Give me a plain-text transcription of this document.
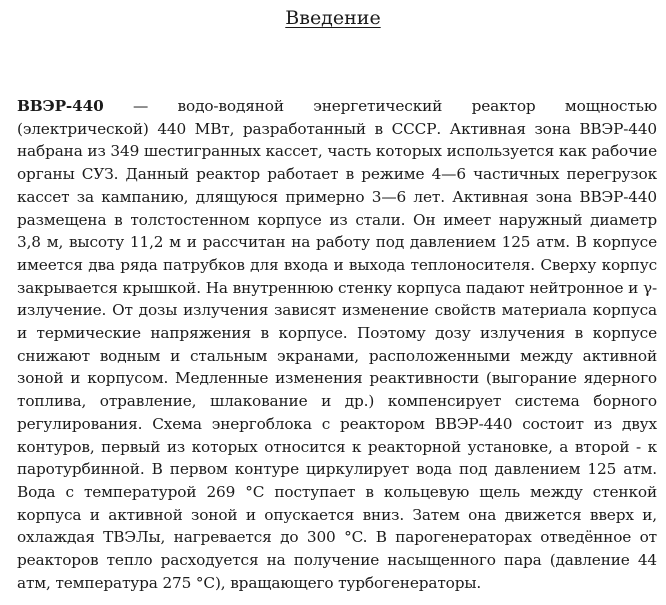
Введение

ВВЭР-440 — водо-водяной энергетический реактор мощностью (электрической) 440 МВт, разработанный в СССР. Активная зона ВВЭР-440 набрана из 349 шестигранных кассет, часть которых используется как рабочие органы СУЗ. Данный реактор работает в режиме 4—6 частичных перегрузок кассет за кампанию, длящуюся примерно 3—6 лет. Активная зона ВВЭР-440 размещена в толстостенном корпусе из стали. Он имеет наружный диаметр 3,8 м, высоту 11,2 м и рассчитан на работу под давлением 125 атм. В корпусе имеется два ряда патрубков для входа и выхода теплоносителя. Сверху корпус закрывается крышкой. На внутреннюю стенку корпуса падают нейтронное и γ-излучение. От дозы излучения зависят изменение свойств материала корпуса и термические напряжения в корпусе. Поэтому дозу излучения в корпусе снижают водным и стальным экранами, расположенными между активной зоной и корпусом. Медленные изменения реактивности (выгорание ядерного топлива, отравление, шлакование и др.) компенсирует система борного регулирования. Схема энергоблока с реактором ВВЭР-440 состоит из двух контуров, первый из которых относится к реакторной установке, а второй - к паротурбинной. В первом контуре циркулирует вода под давлением 125 атм. Вода с температурой 269 °C поступает в кольцевую щель между стенкой корпуса и активной зоной и опускается вниз. Затем она движется вверх и, охлаждая ТВЭЛы, нагревается до 300 °C. В парогенераторах отведённое от реакторов тепло расходуется на получение насыщенного пара (давление 44 атм, температура 275 °C), вращающего турбогенераторы.
